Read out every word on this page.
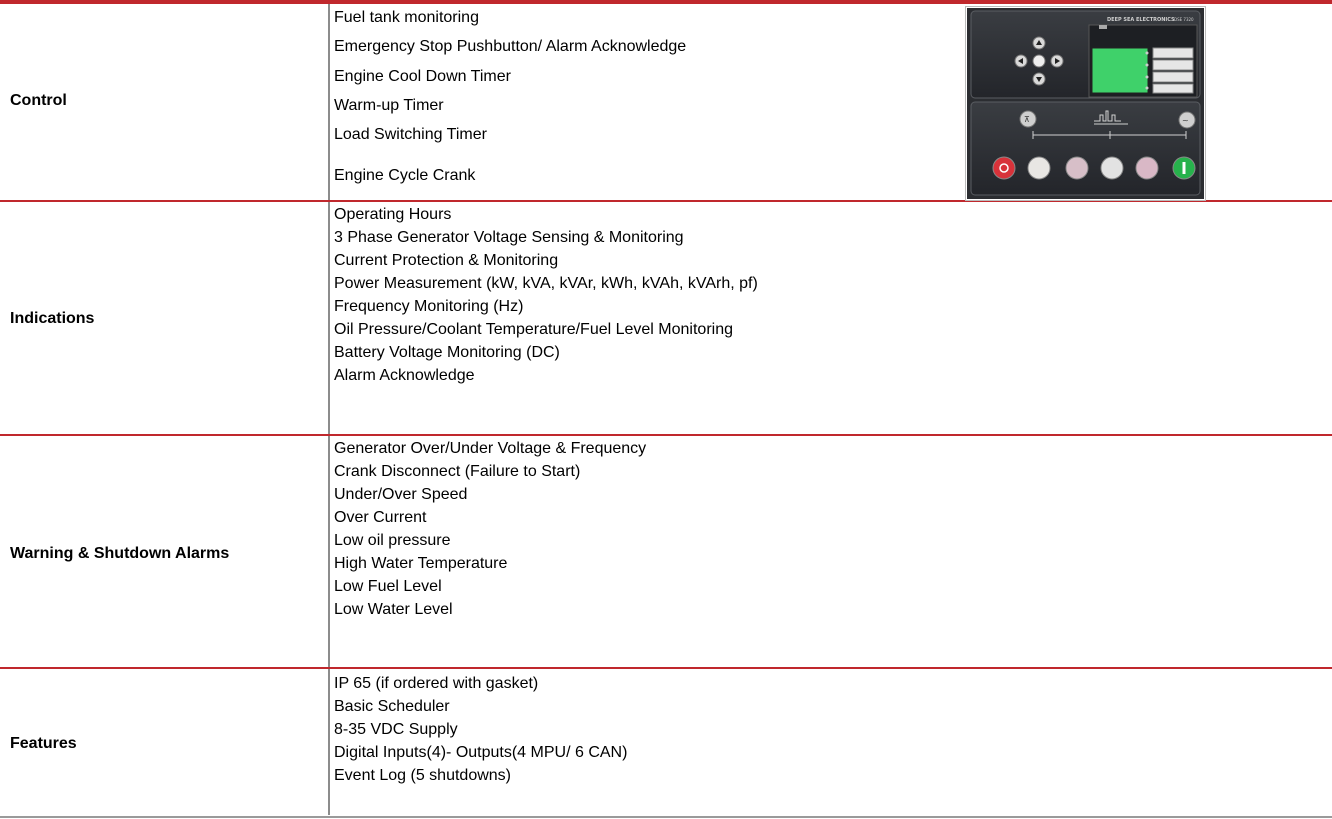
Control
Fuel tank monitoring
Emergency Stop Pushbutton/ Alarm Acknowledge
Engine Cool Down Timer
Warm-up Timer
Load Switching Timer
Engine Cycle Crank
Indications
Operating Hours
3 Phase Generator Voltage Sensing & Monitoring
Current Protection & Monitoring
Power Measurement (kW, kVA, kVAr, kWh, kVAh, kVArh, pf)
Frequency Monitoring (Hz)
Oil Pressure/Coolant Temperature/Fuel Level Monitoring
Battery Voltage Monitoring (DC)
Alarm Acknowledge
Warning & Shutdown Alarms
Generator Over/Under Voltage & Frequency
Crank Disconnect (Failure to Start)
Under/Over Speed
Over Current
Low oil pressure
High Water Temperature
Low Fuel Level
Low Water Level
Features
IP 65 (if ordered with gasket)
Basic Scheduler
8-35 VDC Supply
Digital Inputs(4)- Outputs(4 MPU/ 6 CAN)
Event Log (5 shutdowns)
DEEP SEA ELECTRONICS DSE 7320
⊼	~
